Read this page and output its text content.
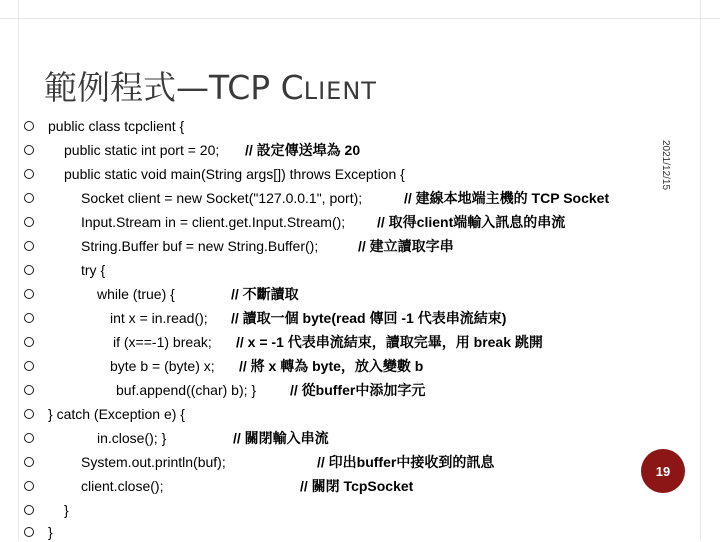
範例程式—TCP CLIENT
2021/12/15
public class tcpclient {
public static int port = 20; // 設定傳送埠為 20
public static void main(String args[]) throws Exception {
Socket client = new Socket("127.0.0.1", port);	// 建線本地端主機的 TCP Socket
Input.Stream in = client.get.Input.Stream(); // 取得client端輸入訊息的串流
String.Buffer buf = new String.Buffer();	// 建立讀取字串
try {
while (true) {	// 不斷讀取
int x = in.read(); // 讀取一個 byte(read 傳回 -1 代表串流結束)
if (x==-1) break; // x = -1 代表串流結束，讀取完畢，用 break 跳開
byte b = (byte) x; // 將 x 轉為 byte，放入變數 b
buf.append((char) b); } // 從buffer中添加字元
} catch (Exception e) {
in.close(); }	// 關閉輸入串流
System.out.println(buf);	// 印出buffer中接收到的訊息
client.close();	// 關閉 TcpSocket
}
}
19
